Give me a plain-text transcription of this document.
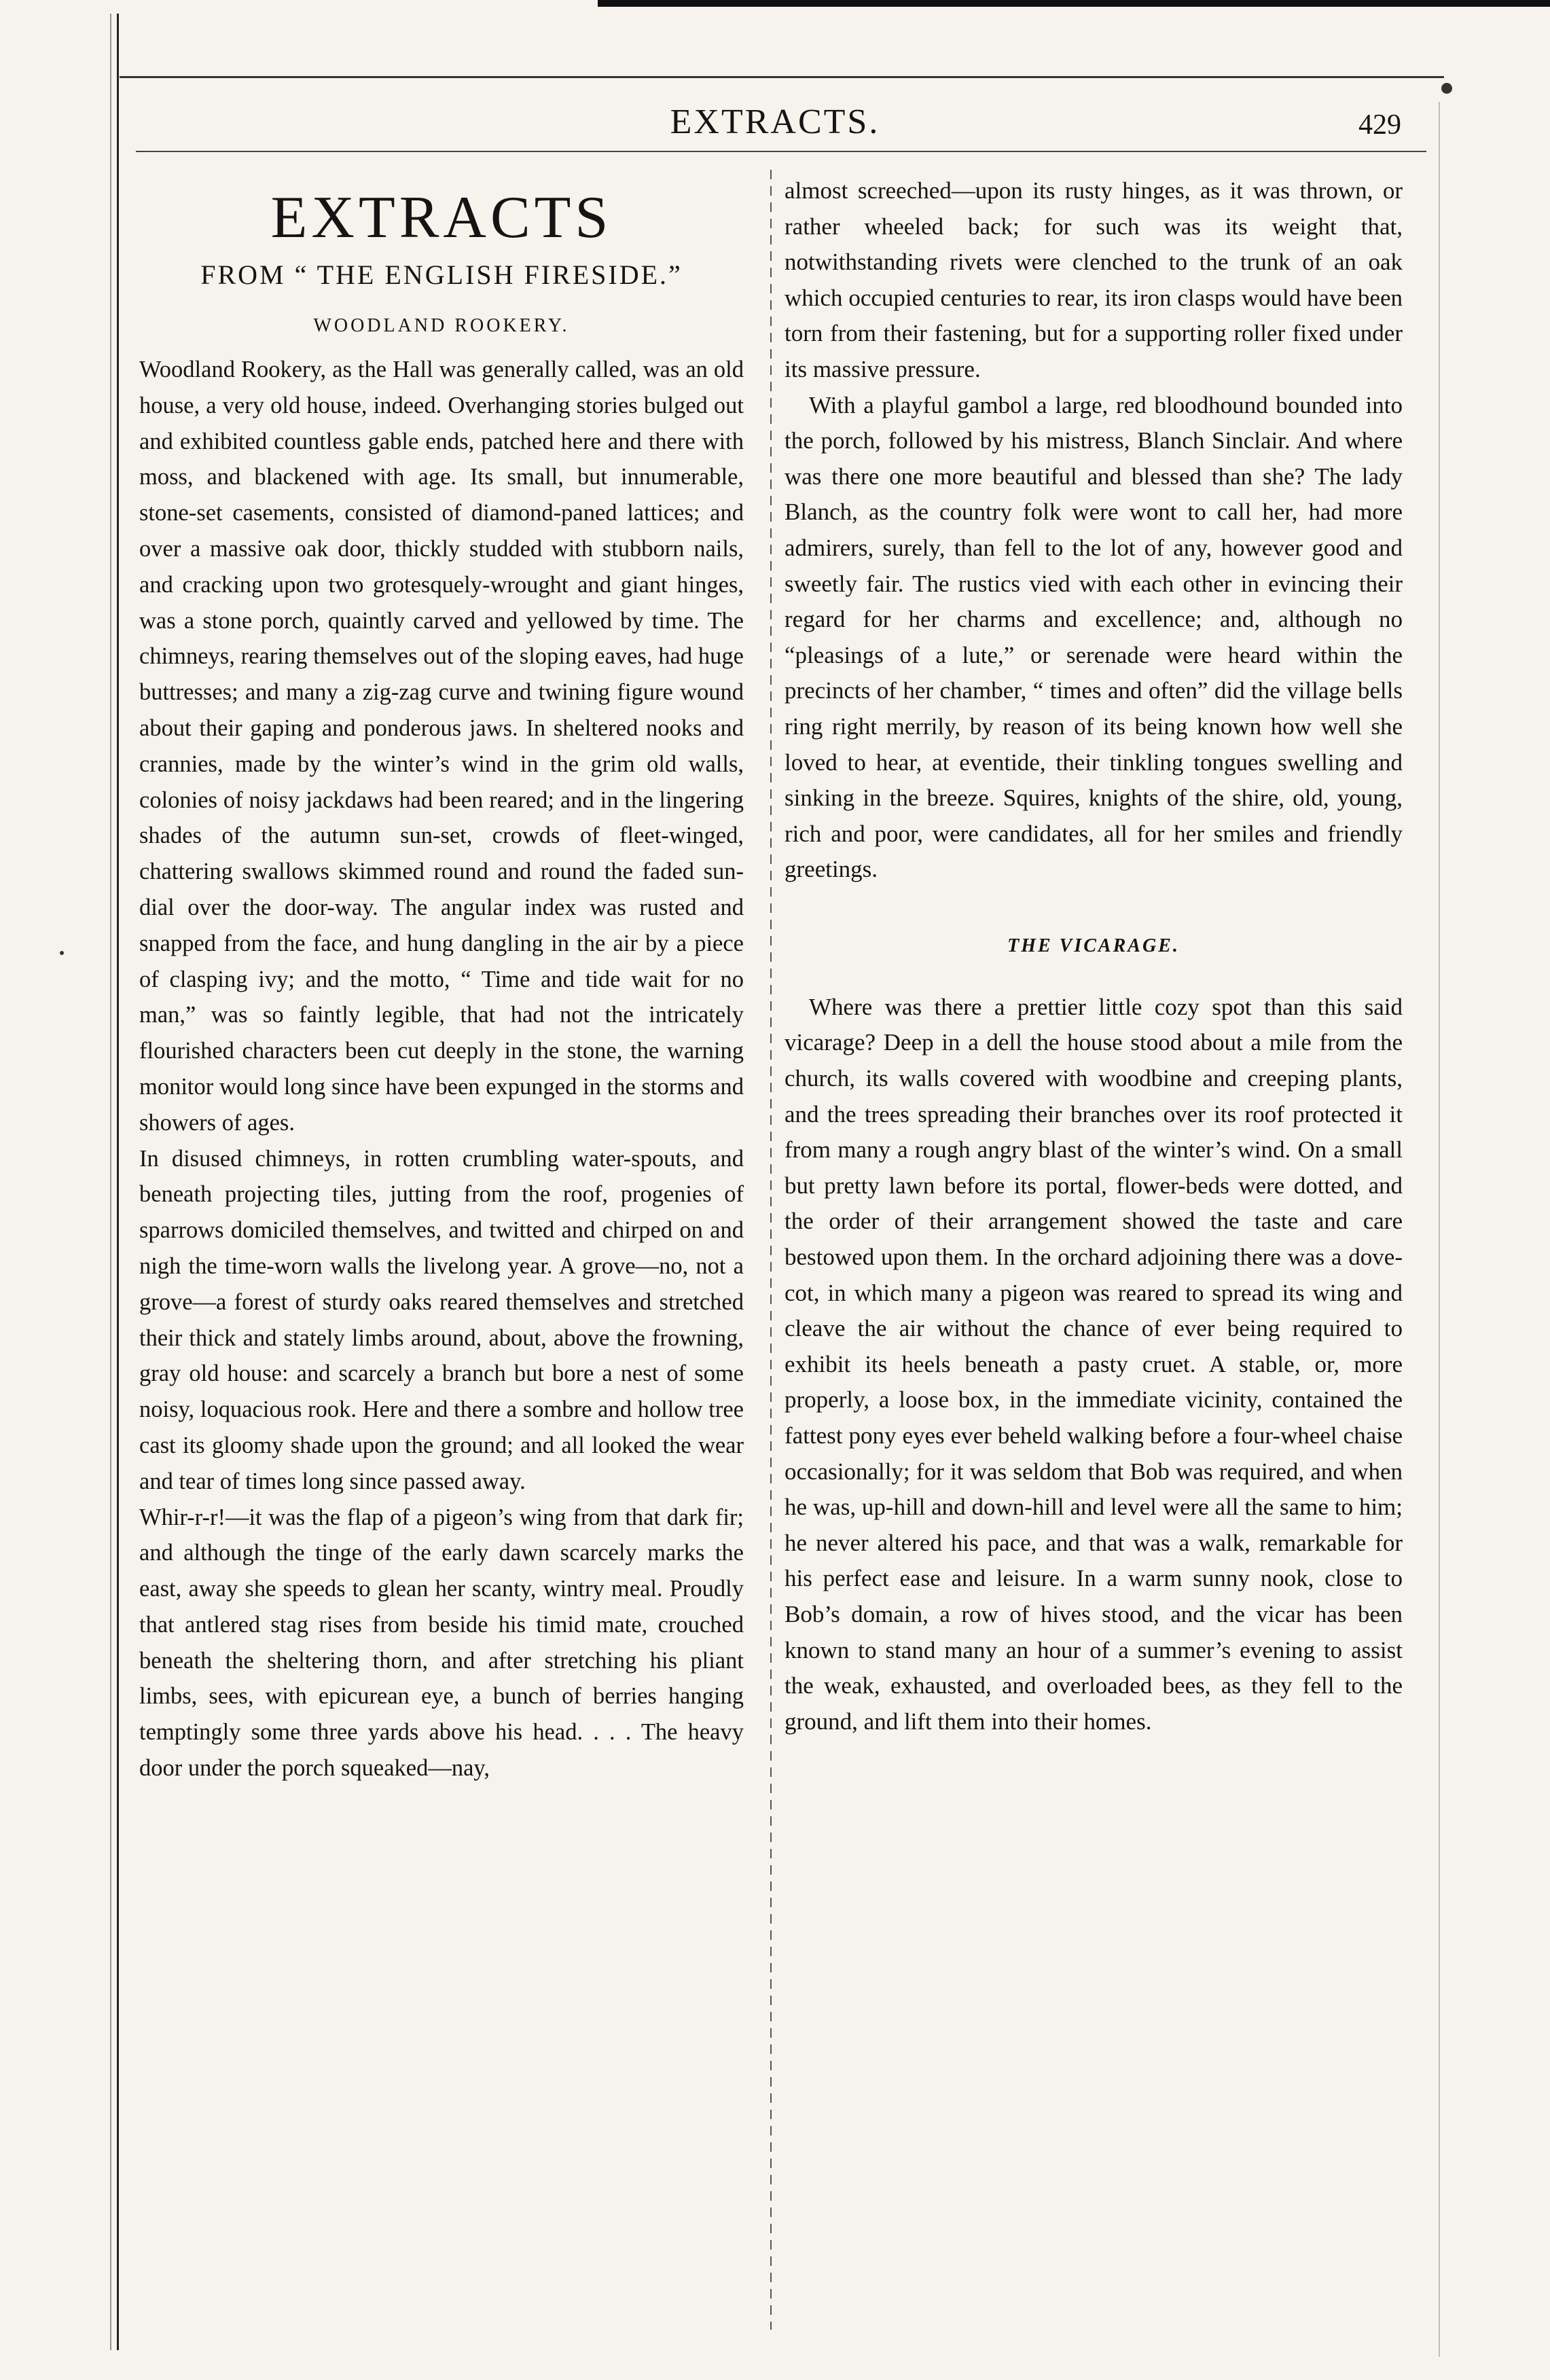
EXTRACTS.	429
EXTRACTS
FROM “ THE ENGLISH FIRESIDE.”
WOODLAND ROOKERY.

Woodland Rookery, as the Hall was generally called, was an old house, a very old house, indeed. Overhanging stories bulged out and exhibited countless gable ends, patched here and there with moss, and blackened with age. Its small, but innumerable, stone-set casements, consisted of diamond-paned lattices; and over a massive oak door, thickly studded with stubborn nails, and cracking upon two grotesquely-wrought and giant hinges, was a stone porch, quaintly carved and yellowed by time. The chimneys, rearing themselves out of the sloping eaves, had huge buttresses; and many a zig-zag curve and twining figure wound about their gaping and ponderous jaws. In sheltered nooks and crannies, made by the winter’s wind in the grim old walls, colonies of noisy jackdaws had been reared; and in the lingering shades of the autumn sun-set, crowds of fleet-winged, chattering swallows skimmed round and round the faded sun-dial over the door-way. The angular index was rusted and snapped from the face, and hung dangling in the air by a piece of clasping ivy; and the motto, “ Time and tide wait for no man,” was so faintly legible, that had not the intricately flourished characters been cut deeply in the stone, the warning monitor would long since have been expunged in the storms and showers of ages.

In disused chimneys, in rotten crumbling water-spouts, and beneath projecting tiles, jutting from the roof, progenies of sparrows domiciled themselves, and twitted and chirped on and nigh the time-worn walls the livelong year. A grove—no, not a grove—a forest of sturdy oaks reared themselves and stretched their thick and stately limbs around, about, above the frowning, gray old house: and scarcely a branch but bore a nest of some noisy, loquacious rook. Here and there a sombre and hollow tree cast its gloomy shade upon the ground; and all looked the wear and tear of times long since passed away.

Whir-r-r!—it was the flap of a pigeon’s wing from that dark fir; and although the tinge of the early dawn scarcely marks the east, away she speeds to glean her scanty, wintry meal. Proudly that antlered stag rises from beside his timid mate, crouched beneath the sheltering thorn, and after stretching his pliant limbs, sees, with epicurean eye, a bunch of berries hanging temptingly some three yards above his head. . . . The heavy door under the porch squeaked—nay,

almost screeched—upon its rusty hinges, as it was thrown, or rather wheeled back; for such was its weight that, notwithstanding rivets were clenched to the trunk of an oak which occupied centuries to rear, its iron clasps would have been torn from their fastening, but for a supporting roller fixed under its massive pressure.

With a playful gambol a large, red bloodhound bounded into the porch, followed by his mistress, Blanch Sinclair. And where was there one more beautiful and blessed than she? The lady Blanch, as the country folk were wont to call her, had more admirers, surely, than fell to the lot of any, however good and sweetly fair. The rustics vied with each other in evincing their regard for her charms and excellence; and, although no “pleasings of a lute,” or serenade were heard within the precincts of her chamber, “ times and often” did the village bells ring right merrily, by reason of its being known how well she loved to hear, at eventide, their tinkling tongues swelling and sinking in the breeze. Squires, knights of the shire, old, young, rich and poor, were candidates, all for her smiles and friendly greetings.

THE VICARAGE.

Where was there a prettier little cozy spot than this said vicarage? Deep in a dell the house stood about a mile from the church, its walls covered with woodbine and creeping plants, and the trees spreading their branches over its roof protected it from many a rough angry blast of the winter’s wind. On a small but pretty lawn before its portal, flower-beds were dotted, and the order of their arrangement showed the taste and care bestowed upon them. In the orchard adjoining there was a dove-cot, in which many a pigeon was reared to spread its wing and cleave the air without the chance of ever being required to exhibit its heels beneath a pasty cruet. A stable, or, more properly, a loose box, in the immediate vicinity, contained the fattest pony eyes ever beheld walking before a four-wheel chaise occasionally; for it was seldom that Bob was required, and when he was, up-hill and down-hill and level were all the same to him; he never altered his pace, and that was a walk, remarkable for his perfect ease and leisure. In a warm sunny nook, close to Bob’s domain, a row of hives stood, and the vicar has been known to stand many an hour of a summer’s evening to assist the weak, exhausted, and overloaded bees, as they fell to the ground, and lift them into their homes.
